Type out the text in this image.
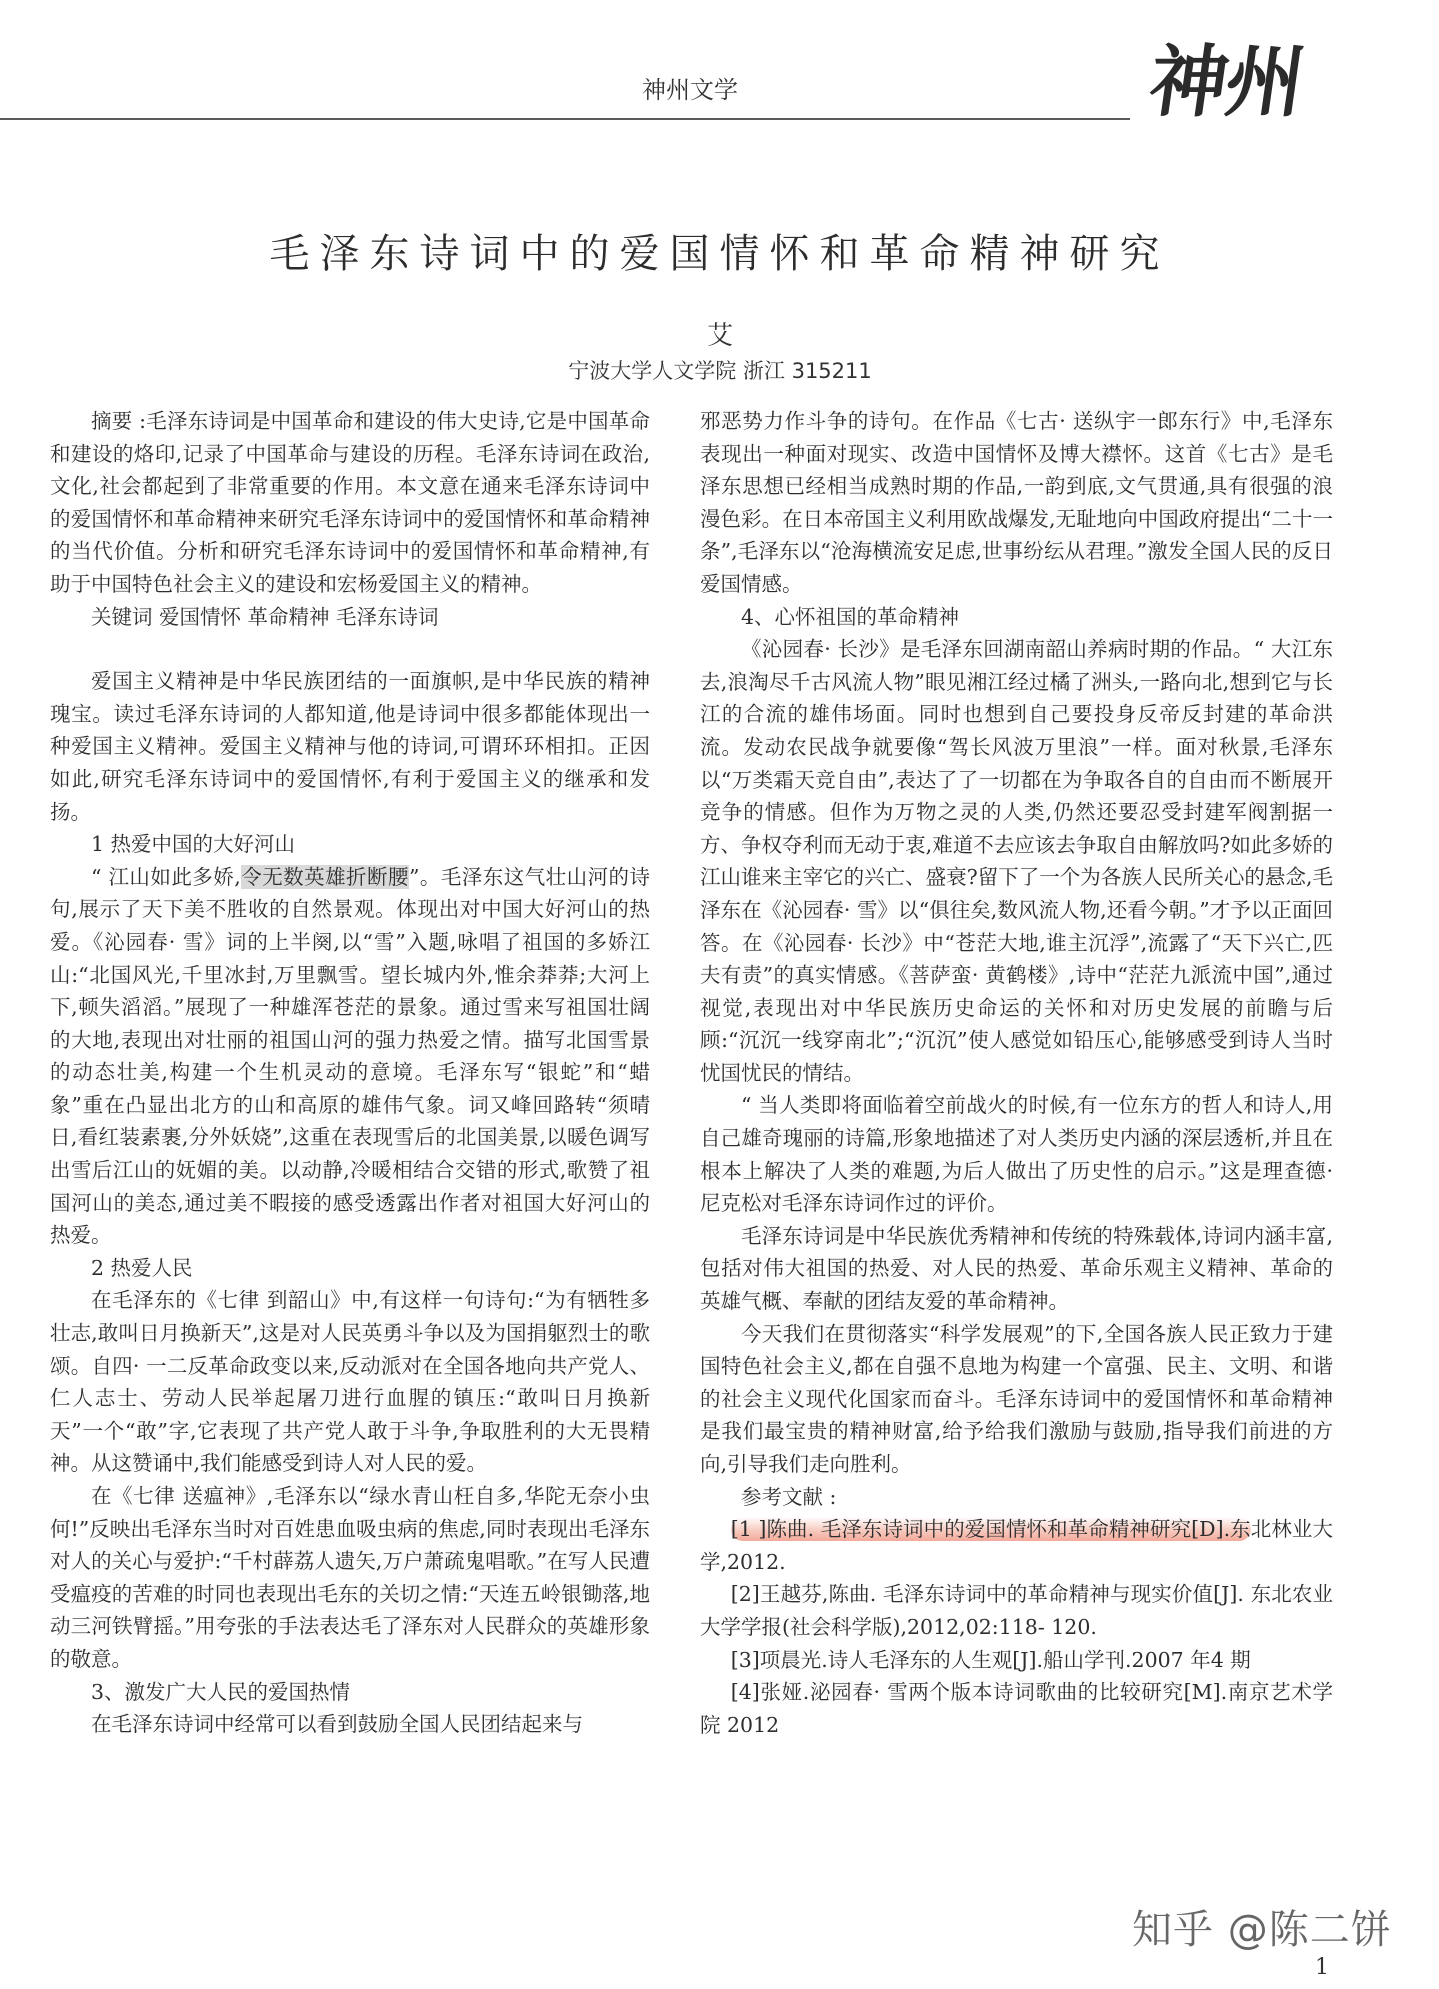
神州文学	神州
毛泽东诗词中的爱国情怀和革命精神研究
艾
宁波大学人文学院 浙江 315211

摘要 :毛泽东诗词是中国革命和建设的伟大史诗,它是中国革命和建设的烙印,记录了中国革命与建设的历程。毛泽东诗词在政治,文化,社会都起到了非常重要的作用。本文意在通来毛泽东诗词中的爱国情怀和革命精神来研究毛泽东诗词中的爱国情怀和革命精神的当代价值。分析和研究毛泽东诗词中的爱国情怀和革命精神,有助于中国特色社会主义的建设和宏杨爱国主义的精神。

关键词 爱国情怀 革命精神 毛泽东诗词

爱国主义精神是中华民族团结的一面旗帜,是中华民族的精神瑰宝。读过毛泽东诗词的人都知道,他是诗词中很多都能体现出一种爱国主义精神。爱国主义精神与他的诗词,可谓环环相扣。正因如此,研究毛泽东诗词中的爱国情怀,有利于爱国主义的继承和发扬。

1 热爱中国的大好河山

“ 江山如此多娇,令无数英雄折断腰”。毛泽东这气壮山河的诗句,展示了天下美不胜收的自然景观。体现出对中国大好河山的热爱。《沁园春· 雪》词的上半阕,以“雪”入题,咏唱了祖国的多娇江山:“北国风光,千里冰封,万里飘雪。望长城内外,惟余莽莽;大河上下,顿失滔滔。”展现了一种雄浑苍茫的景象。通过雪来写祖国壮阔的大地,表现出对壮丽的祖国山河的强力热爱之情。描写北国雪景的动态壮美,构建一个生机灵动的意境。毛泽东写“银蛇”和“蜡象”重在凸显出北方的山和高原的雄伟气象。词又峰回路转“须晴日,看红装素裹,分外妖娆”,这重在表现雪后的北国美景,以暖色调写出雪后江山的妩媚的美。以动静,冷暖相结合交错的形式,歌赞了祖国河山的美态,通过美不暇接的感受透露出作者对祖国大好河山的热爱。

2 热爱人民

在毛泽东的《七律 到韶山》中,有这样一句诗句:“为有牺牲多壮志,敢叫日月换新天”,这是对人民英勇斗争以及为国捐躯烈士的歌颂。自四· 一二反革命政变以来,反动派对在全国各地向共产党人、仁人志士、劳动人民举起屠刀进行血腥的镇压:“敢叫日月换新天”一个“敢”字,它表现了共产党人敢于斗争,争取胜利的大无畏精神。从这赞诵中,我们能感受到诗人对人民的爱。

在《七律 送瘟神》,毛泽东以“绿水青山枉自多,华陀无奈小虫何!”反映出毛泽东当时对百姓患血吸虫病的焦虑,同时表现出毛泽东对人的关心与爱护:“千村薜荔人遗矢,万户萧疏鬼唱歌。”在写人民遭受瘟疫的苦难的时同也表现出毛东的关切之情:“天连五岭银锄落,地动三河铁臂摇。”用夸张的手法表达毛了泽东对人民群众的英雄形象的敬意。

3、激发广大人民的爱国热情

在毛泽东诗词中经常可以看到鼓励全国人民团结起来与

邪恶势力作斗争的诗句。在作品《七古· 送纵宇一郎东行》中,毛泽东表现出一种面对现实、改造中国情怀及博大襟怀。这首《七古》是毛泽东思想已经相当成熟时期的作品,一韵到底,文气贯通,具有很强的浪漫色彩。在日本帝国主义利用欧战爆发,无耻地向中国政府提出“二十一条”,毛泽东以“沧海横流安足虑,世事纷纭从君理。”激发全国人民的反日爱国情感。

4、心怀祖国的革命精神

《沁园春· 长沙》是毛泽东回湖南韶山养病时期的作品。“ 大江东去,浪淘尽千古风流人物”眼见湘江经过橘了洲头,一路向北,想到它与长江的合流的雄伟场面。同时也想到自己要投身反帝反封建的革命洪流。发动农民战争就要像“驾长风波万里浪”一样。面对秋景,毛泽东以“万类霜天竞自由”,表达了了一切都在为争取各自的自由而不断展开竞争的情感。但作为万物之灵的人类,仍然还要忍受封建军阀割据一方、争权夺利而无动于衷,难道不去应该去争取自由解放吗?如此多娇的江山谁来主宰它的兴亡、盛衰?留下了一个为各族人民所关心的悬念,毛泽东在《沁园春· 雪》以“俱往矣,数风流人物,还看今朝。”才予以正面回答。在《沁园春· 长沙》中“苍茫大地,谁主沉浮”,流露了“天下兴亡,匹夫有责”的真实情感。《菩萨蛮· 黄鹤楼》,诗中“茫茫九派流中国”,通过视觉,表现出对中华民族历史命运的关怀和对历史发展的前瞻与后顾:“沉沉一线穿南北”;“沉沉”使人感觉如铅压心,能够感受到诗人当时忧国忧民的情结。

“ 当人类即将面临着空前战火的时候,有一位东方的哲人和诗人,用自己雄奇瑰丽的诗篇,形象地描述了对人类历史内涵的深层透析,并且在根本上解决了人类的难题,为后人做出了历史性的启示。”这是理查德· 尼克松对毛泽东诗词作过的评价。

毛泽东诗词是中华民族优秀精神和传统的特殊载体,诗词内涵丰富,包括对伟大祖国的热爱、对人民的热爱、革命乐观主义精神、革命的英雄气概、奉献的团结友爱的革命精神。

今天我们在贯彻落实“科学发展观”的下,全国各族人民正致力于建国特色社会主义,都在自强不息地为构建一个富强、民主、文明、和谐的社会主义现代化国家而奋斗。毛泽东诗词中的爱国情怀和革命精神是我们最宝贵的精神财富,给予给我们激励与鼓励,指导我们前进的方向,引导我们走向胜利。

参考文献 :

[1 ]陈曲. 毛泽东诗词中的爱国情怀和革命精神研究[D].东北林业大学,2012.

[2]王越芬,陈曲. 毛泽东诗词中的革命精神与现实价值[J]. 东北农业大学学报(社会科学版),2012,02:118- 120.

[3]项晨光.诗人毛泽东的人生观[J].船山学刊.2007 年4 期

[4]张娅.泌园春· 雪两个版本诗词歌曲的比较研究[M].南京艺术学院 2012

知乎 @陈二饼
1
